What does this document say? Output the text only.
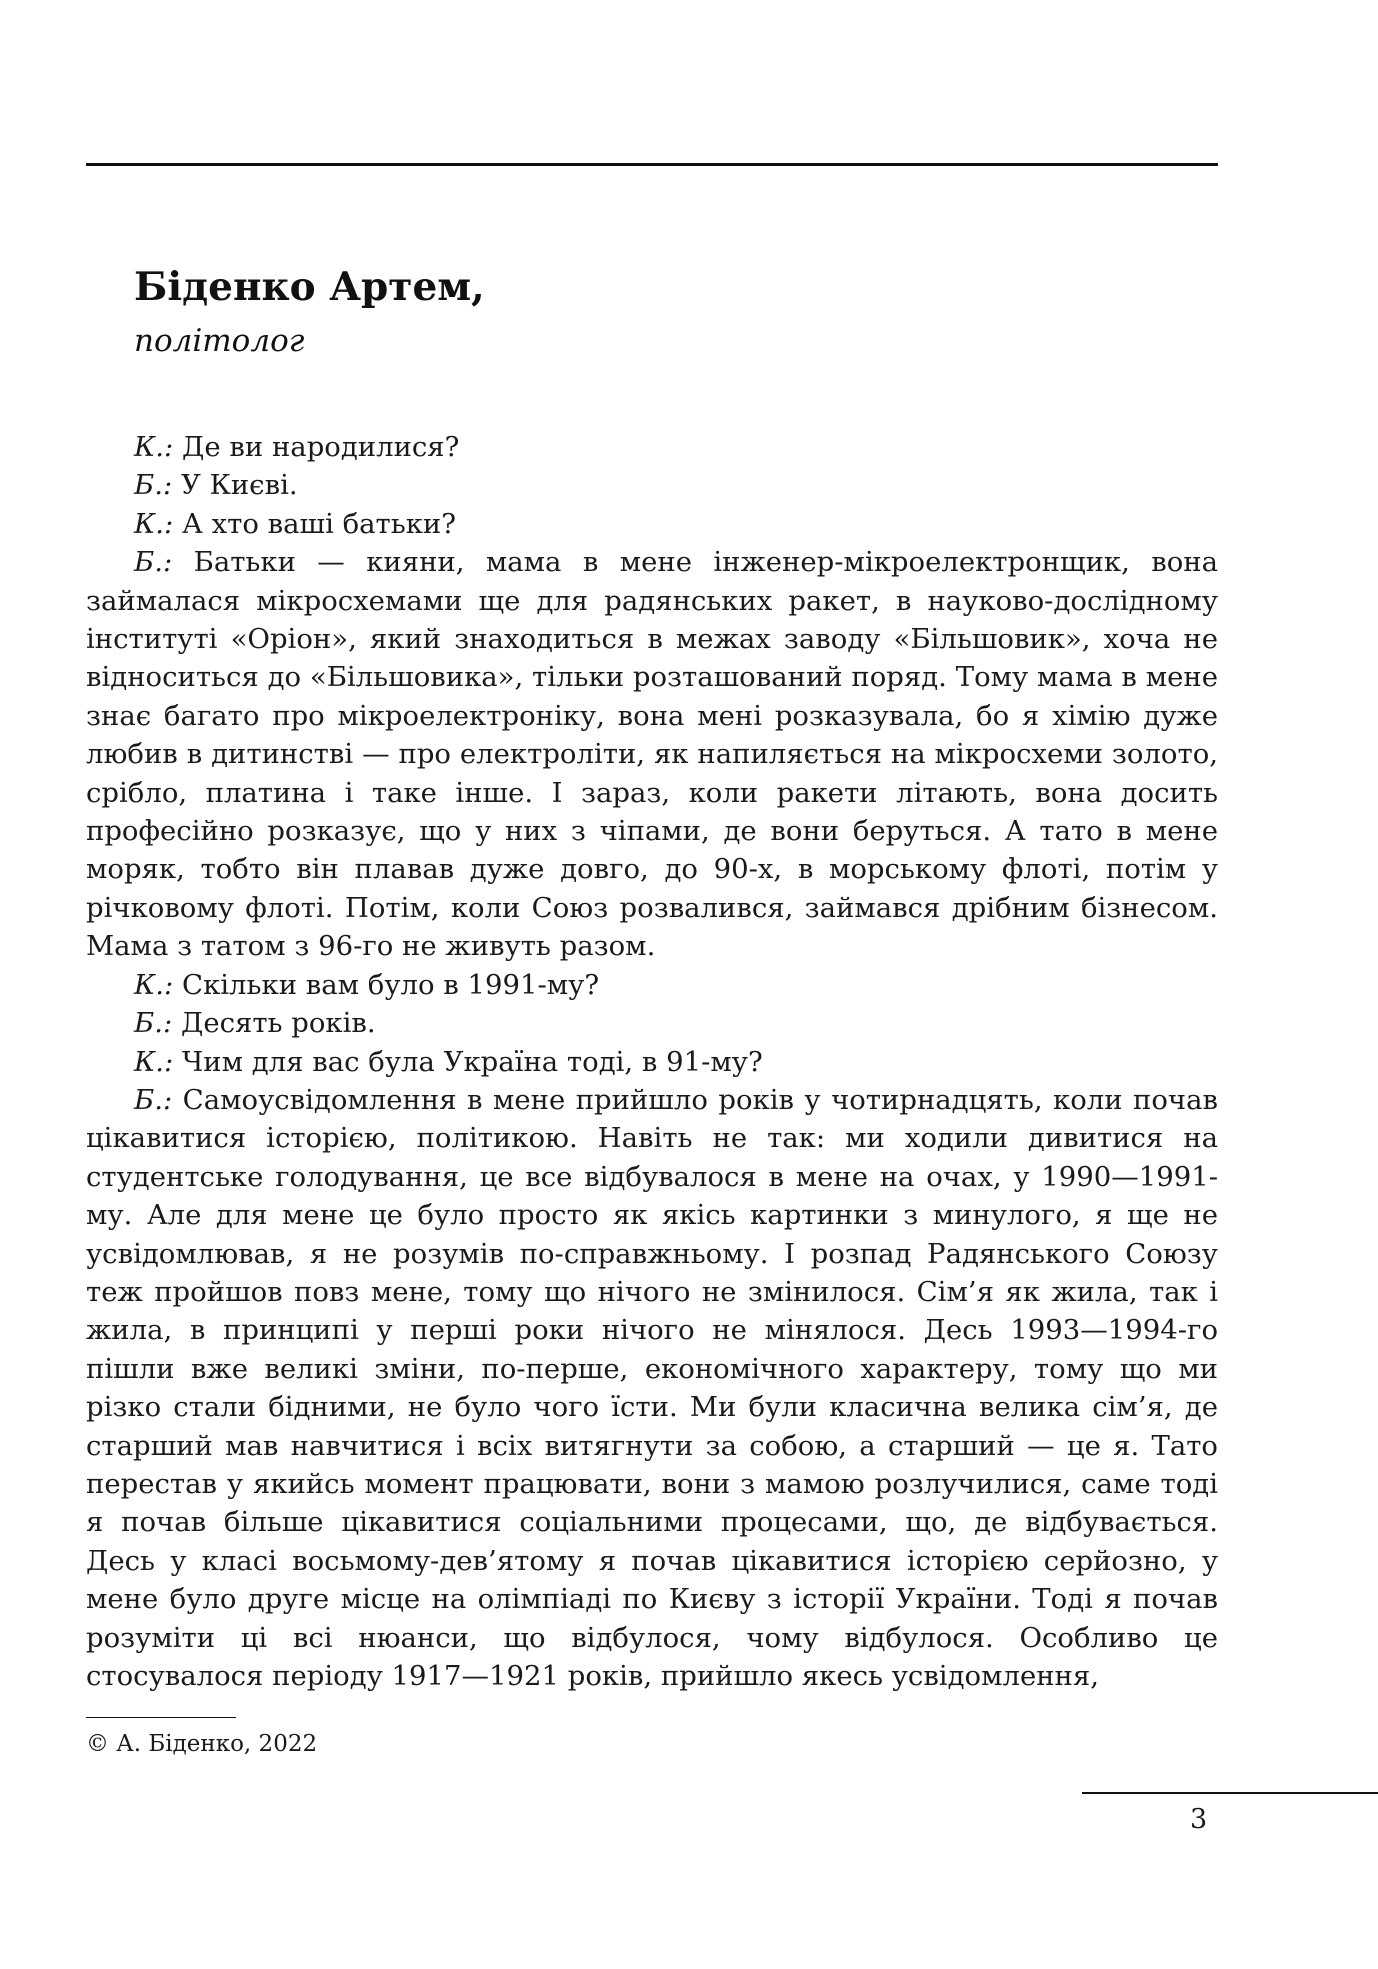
Біденко Артем,

політолог

К.: Де ви народилися?

Б.: У Києві.

К.: А хто ваші батьки?

Б.: Батьки — кияни, мама в мене інженер-мікроелектронщик, вона займалася мікросхемами ще для радянських ракет, в науково-дослідному інституті «Оріон», який знаходиться в межах заводу «Більшовик», хоча не відноситься до «Більшовика», тільки розташований поряд. Тому мама в мене знає багато про мікроелектроніку, вона мені розказувала, бо я хімію дуже любив в дитинстві — про електроліти, як напиляється на мікросхеми золото, срібло, платина і таке інше. І зараз, коли ракети літають, вона досить професійно розказує, що у них з чіпами, де вони беруться. А тато в мене моряк, тобто він плавав дуже довго, до 90-х, в морському флоті, потім у річковому флоті. Потім, коли Союз розвалився, займався дрібним бізнесом. Мама з татом з 96-го не живуть разом.

К.: Скільки вам було в 1991-му?

Б.: Десять років.

К.: Чим для вас була Україна тоді, в 91-му?

Б.: Самоусвідомлення в мене прийшло років у чотирнадцять, коли почав цікавитися історією, політикою. Навіть не так: ми ходили дивитися на студентське голодування, це все відбувалося в мене на очах, у 1990—1991-му. Але для мене це було просто як якісь картинки з минулого, я ще не усвідомлював, я не розумів по-справжньому. І розпад Радянського Союзу теж пройшов повз мене, тому що нічого не змінилося. Сім’я як жила, так і жила, в принципі у перші роки нічого не мінялося. Десь 1993—1994-го пішли вже великі зміни, по-перше, економічного характеру, тому що ми різко стали бідними, не було чого їсти. Ми були класична велика сім’я, де старший мав навчитися і всіх витягнути за собою, а старший — це я. Тато перестав у якийсь момент працювати, вони з мамою розлучилися, саме тоді я почав більше цікавитися соціальними процесами, що, де відбувається. Десь у класі восьмому-дев’ятому я почав цікавитися історією серйозно, у мене було друге місце на олімпіаді по Києву з історії України. Тоді я почав розуміти ці всі нюанси, що відбулося, чому відбулося. Особливо це стосувалося періоду 1917—1921 років, прийшло якесь усвідомлення,

© А. Біденко, 2022

3
